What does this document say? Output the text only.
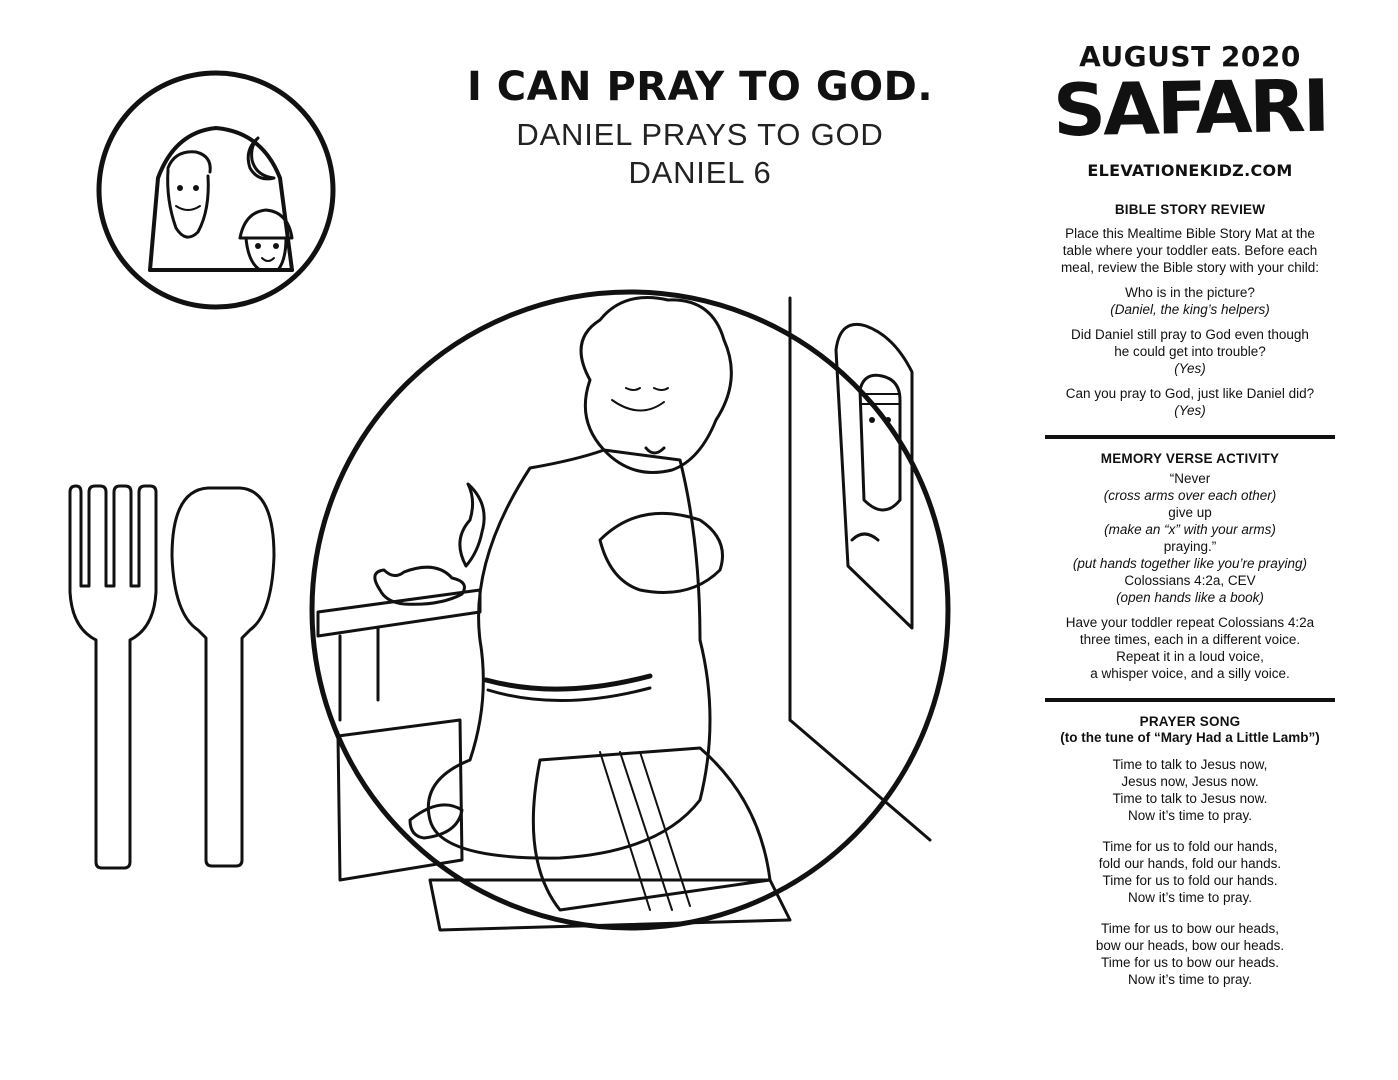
I CAN PRAY TO GOD.
DANIEL PRAYS TO GOD
DANIEL 6
AUGUST 2020
SAFARI
ELEVATIONEKIDZ.COM
BIBLE STORY REVIEW

Place this Mealtime Bible Story Mat at the

table where your toddler eats. Before each

meal, review the Bible story with your child:

Who is in the picture?

(Daniel, the king’s helpers)

Did Daniel still pray to God even though

he could get into trouble?

(Yes)

Can you pray to God, just like Daniel did?

(Yes)

MEMORY VERSE ACTIVITY

“Never

(cross arms over each other)

give up

(make an “x” with your arms)

praying.”

(put hands together like you’re praying)

Colossians 4:2a, CEV

(open hands like a book)

Have your toddler repeat Colossians 4:2a

three times, each in a different voice.

Repeat it in a loud voice,

a whisper voice, and a silly voice.

PRAYER SONG
(to the tune of “Mary Had a Little Lamb”)

Time to talk to Jesus now,

Jesus now, Jesus now.

Time to talk to Jesus now.

Now it’s time to pray.

Time for us to fold our hands,

fold our hands, fold our hands.

Time for us to fold our hands.

Now it’s time to pray.

Time for us to bow our heads,

bow our heads, bow our heads.

Time for us to bow our heads.

Now it’s time to pray.
